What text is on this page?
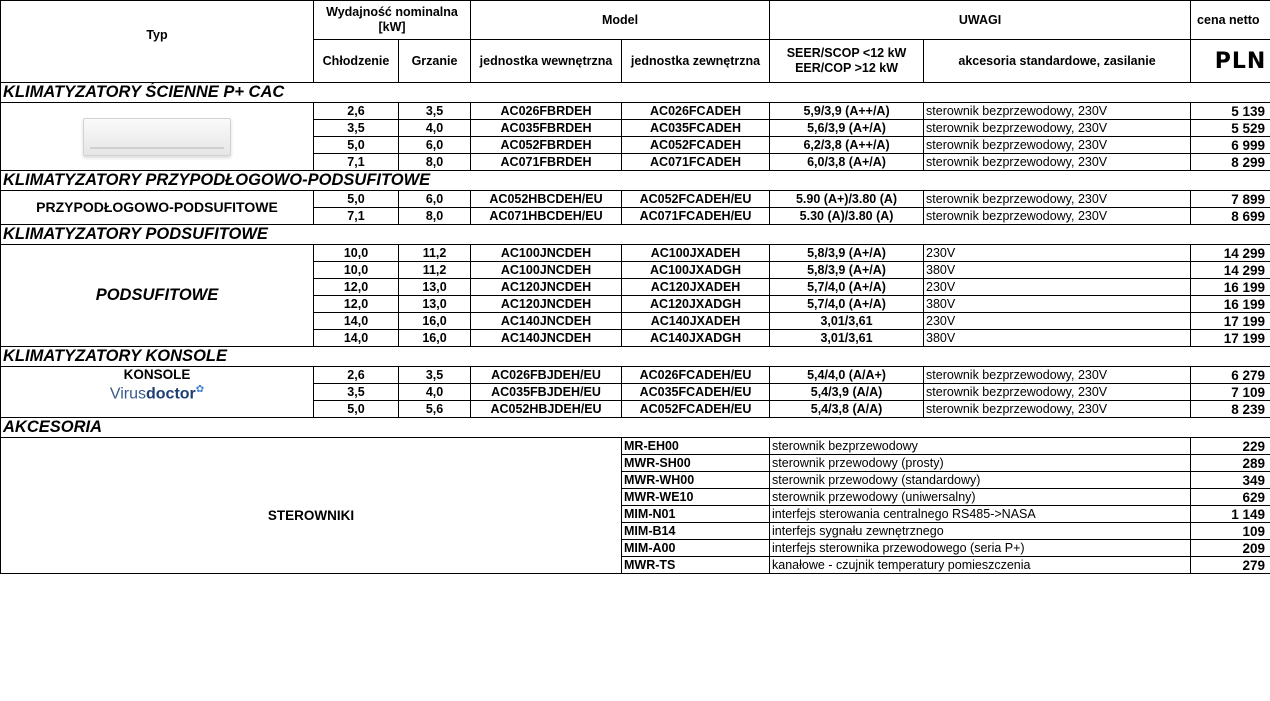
Typ	Wydajność nominalna [kW]		Model		UWAGI		cena netto
	Chłodzenie	Grzanie	jednostka wewnętrzna	jednostka zewnętrzna	SEER/SCOP <12 kW
EER/COP >12 kW	akcesoria standardowe, zasilanie	PLN
KLIMATYZATORY ŚCIENNE P+ CAC							

	2,6	3,5	AC026FBRDEH	AC026FCADEH	5,9/3,9 (A++/A)	sterownik bezprzewodowy, 230V	5 139
	3,5	4,0	AC035FBRDEH	AC035FCADEH	5,6/3,9 (A+/A)	sterownik bezprzewodowy, 230V	5 529
	5,0	6,0	AC052FBRDEH	AC052FCADEH	6,2/3,8 (A++/A)	sterownik bezprzewodowy, 230V	6 999
	7,1	8,0	AC071FBRDEH	AC071FCADEH	6,0/3,8 (A+/A)	sterownik bezprzewodowy, 230V	8 299
KLIMATYZATORY PRZYPODŁOGOWO-PODSUFITOWE							
PRZYPODŁOGOWO-PODSUFITOWE	5,0	6,0	AC052HBCDEH/EU	AC052FCADEH/EU	5.90 (A+)/3.80 (A)	sterownik bezprzewodowy, 230V	7 899
	7,1	8,0	AC071HBCDEH/EU	AC071FCADEH/EU	5.30 (A)/3.80 (A)	sterownik bezprzewodowy, 230V	8 699
KLIMATYZATORY PODSUFITOWE							
PODSUFITOWE	10,0	11,2	AC100JNCDEH	AC100JXADEH	5,8/3,9 (A+/A)	230V	14 299
	10,0	11,2	AC100JNCDEH	AC100JXADGH	5,8/3,9 (A+/A)	380V	14 299
	12,0	13,0	AC120JNCDEH	AC120JXADEH	5,7/4,0 (A+/A)	230V	16 199
	12,0	13,0	AC120JNCDEH	AC120JXADGH	5,7/4,0 (A+/A)	380V	16 199
	14,0	16,0	AC140JNCDEH	AC140JXADEH	3,01/3,61	230V	17 199
	14,0	16,0	AC140JNCDEH	AC140JXADGH	3,01/3,61	380V	17 199
KLIMATYZATORY KONSOLE							

KONSOLE
Virusdoctor✿	2,6	3,5	AC026FBJDEH/EU	AC026FCADEH/EU	5,4/4,0 (A/A+)	sterownik bezprzewodowy, 230V	6 279
	3,5	4,0	AC035FBJDEH/EU	AC035FCADEH/EU	5,4/3,9 (A/A)	sterownik bezprzewodowy, 230V	7 109
	5,0	5,6	AC052HBJDEH/EU	AC052FCADEH/EU	5,4/3,8 (A/A)	sterownik bezprzewodowy, 230V	8 239
AKCESORIA							
STEROWNIKI				MR-EH00	sterownik bezprzewodowy		229
				MWR-SH00	sterownik przewodowy (prosty)		289
				MWR-WH00	sterownik przewodowy (standardowy)		349
				MWR-WE10	sterownik przewodowy (uniwersalny)		629
				MIM-N01	interfejs sterowania centralnego RS485->NASA		1 149
				MIM-B14	interfejs sygnału zewnętrznego		109
				MIM-A00	interfejs sterownika przewodowego (seria P+)		209
				MWR-TS	kanałowe - czujnik temperatury pomieszczenia		279
